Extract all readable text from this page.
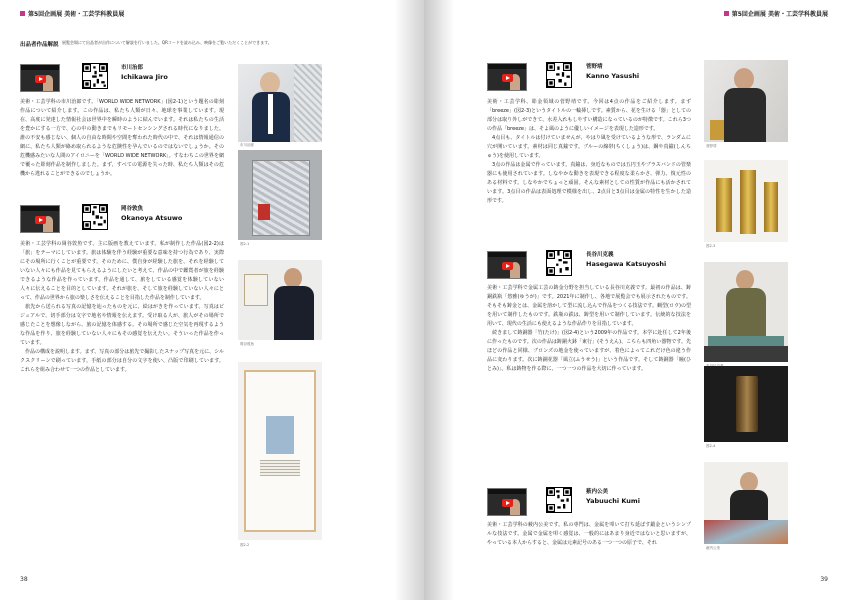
第5回企画展 美術・工芸学科教員展
出品者作品解説 展覧会場にて出品者が自作について解説を行いました。QRコードを読み込み、映像をご覧いただくことができます。
市川治郎
Ichikawa Jiro
美術・工芸学科の市川治郎です。「WORLD WIDE NETWORK」(図2-1)という題名の彫刻作品について紹介します。この作品は、私たち人類が日々、地球を事業しています。現在、高度に発達した情報社会は世界中を瞬時のように結んでいます。それは私たちの生活を豊かにする一方で、心の中の動きまでもリモートセンシングされる時代になりました。誰の不安も感じない、個人の自由な時間や空間を奪われた時代の中で、それは情報通信の網に、私たち人類が絡め取られるような危険性を孕んでいるのではないでしょうか。その危機感みたいな人間のアイロニーを「WORLD WIDE NETWORK」。すなわちこの世界を網で覆った彫刻作品を制作しました。まず、すべての電源を失った時、私たち人類はその危機から逃れることができるのでしょうか。
岡谷敦魚
Okanoya Atsuwo
美術・工芸学科の岡谷敦魚です。主に版画を教えています。私が制作した作品(図2-2)は「旅」をテーマにしています。旅は体験を伴う経験が重要な意味を持つ行為であり、実際にその場所に行くことが重要です。そのために、僕自身が経験した旅を、それを経験していない人々にも作品を見てもらえるようにしたいと考えて、作品の中で鑑賞者が旅を経験できるような作品を作っています。作品を通して、旅をしている感覚を体験していない人々に伝えることを目的としています。それが旅を、そして旅を経験していない人々にとって、作品の世界から旅の楽しさを伝えることを目指した作品を制作しています。
　旅先から送られる写真の記憶を辿ったものを元に、絵はがきを作っています。写真はビジュアルで、切手部分は文字で地名や情報を伝えます。受け取る人が、旅人がその場所で感じたことを想像しながら、旅の記憶を体感する。その場所で感じた空気を再現するような作品を作り、旅を経験していない人々にもその感覚を伝えたい。そういった作品を作っています。
　作品の構成を説明します。まず、写真の部分は旅先で撮影したスナップ写真を元に、シルクスクリーンで刷っています。手紙の部分は自分の文字を使い、凸版で印刷しています。これらを組み合わせて一つの作品としています。
市川治郎
図2-1
岡谷敦魚
図2-2
38
第5回企画展 美術・工芸学科教員展
菅野靖
Kanno Yasushi
美術・工芸学科、彫金領域の菅野靖です。今回は4点の作品をご紹介します。まず「breeze」(図2-3)というタイトルの一輪挿しです。素質から、花を生ける「器」としての部分は取り外しができて、水差入れもしやすい構造になっているのが特徴です。これら3つの作品「breeze」は、そよ風のように優しいイメージを表現した造形です。
　4点目も、タイトルは付けていませんが、やはり風を受けているような形で、ランダムに穴が開いています。素材は同じ真鍮です。ブルーの線帯(ちくしょう)は、鋼や真鍮(しんちゅう)を使用しています。
　3点の作品は金属で作っています。真鍮は、身近なものでは五円玉やブラスバンドの管楽器にも使用されています。しなやかな動きを表現できる程度な柔らかさ、弾力、復元性のある材料です。しなやかでちょっと頑固。そんな素材としての性質が作品にも活かされています。3点目の作品は表面処理で模様を出し、2点目と3点目は金属の特性を生かした造形です。
長谷川克義
Hasegawa Katsuyoshi
美術・工芸学科で金属工芸の鋳金分野を担当している長谷川克義です。最初の作品は、鋳銅鉄瓶「悠雅(ゆうが)」です。2021年に制作し、各地で展覧会でも展示されたものです。そもそも鋳金とは、金属を溶かして型に流し込んで作品をつくる技法です。蝋型(ロウ)の型を用いて制作したものです。鉄瓶の鉄は、鋳型を用いて制作しています。伝統的な技法を用いて、現代の生活にも使えるような作品作りを目指しています。
　続きまして鋳銅器「竹(たけ)」(図2-4)という2009年の作品です。本学に赴任して2年後に作ったものです。次の作品は鋳銅火鉢「東行」(そうえん)、こちらも四角い器物です。先ほどの作品と同様、ブロンズの地金を使っていますが、着色によってこれだけ色の違う作品に変わります。次に鋳銅花器「風立(ふうせう)」という作品です。そして鋳銅器「瞳(ひとみ)」。私は鋳物を作る際に、一つ一つの作品を大切に作っています。
薮内公美
Yabuuchi Kumi
美術・工芸学科の薮内公美です。私の専門は、金属を叩いて打ち延ばす鍛金というシンプルな技法です。金属で金属を叩く感覚は、一般的にはあまり身近ではないと思いますが、やっている本人からすると、金属は元素記号のある一つ一つの原子で、それ
菅野靖
図2-3
図2-4
薮内公美
39
